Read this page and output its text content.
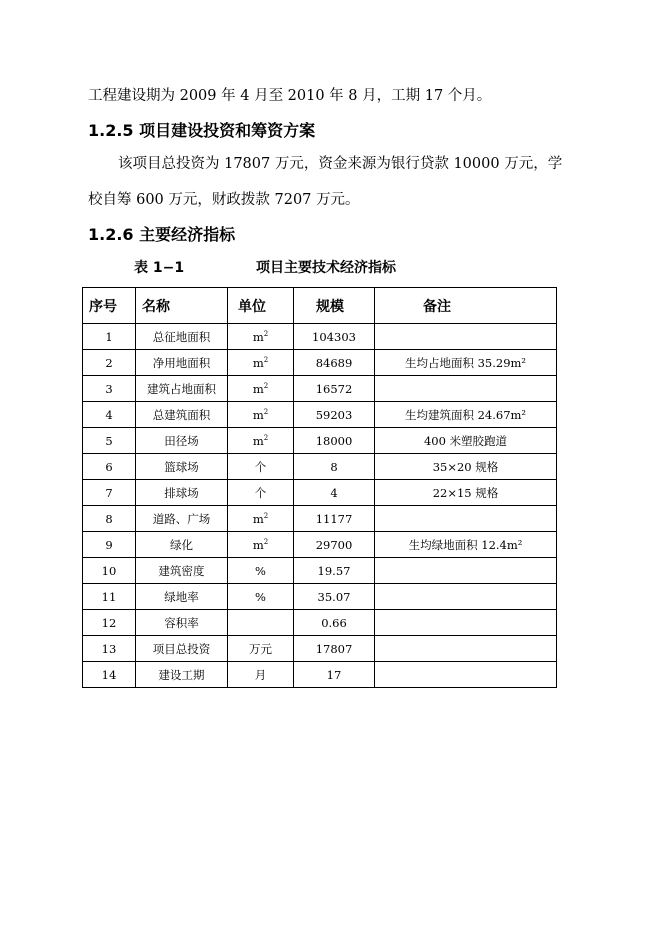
工程建设期为 2009 年 4 月至 2010 年 8 月，工期 17 个月。
1.2.5 项目建设投资和筹资方案
该项目总投资为 17807 万元，资金来源为银行贷款 10000 万元，学
校自筹 600 万元，财政拨款 7207 万元。
1.2.6 主要经济指标
表 1−1	项目主要技术经济指标
序号	名称	单位	规模	备注
1	总征地面积	$m^2$	104303	
2	净用地面积	$m^2$	84689	生均占地面积 35.29m²
3	建筑占地面积	$m^2$	16572	
4	总建筑面积	$m^2$	59203	生均建筑面积 24.67m²
5	田径场	$m^2$	18000	400 米塑胶跑道
6	篮球场	个	8	35×20 规格
7	排球场	个	4	22×15 规格
8	道路、广场	$m^2$	11177	
9	绿化	$m^2$	29700	生均绿地面积 12.4m²
10	建筑密度	%	19.57	
11	绿地率	%	35.07	
12	容积率		0.66	
13	项目总投资	万元	17807	
14	建设工期	月	17	
